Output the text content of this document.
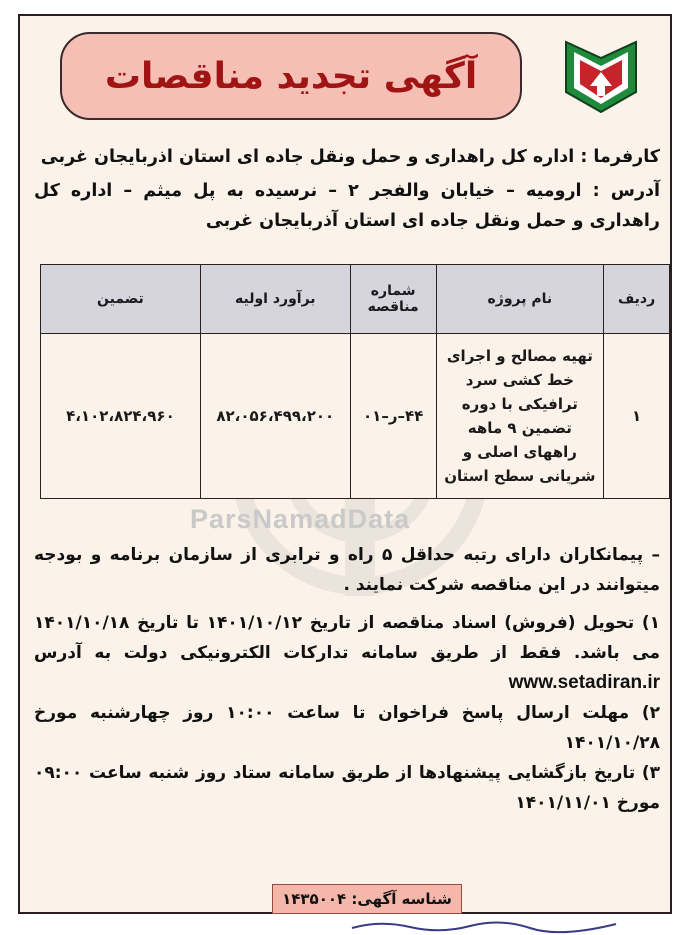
آگهی تجدید مناقصات
ParsNamadData
کارفرما : اداره کل راهداری و حمل ونقل جاده ای استان اذربایجان غربی
آدرس : ارومیه – خیابان والفجر ۲ – نرسیده به پل میثم – اداره کل راهداری و حمل ونقل جاده ای استان آذربایجان غربی
ردیف	نام پروژه	شماره مناقصه	برآورد اولیه	تضمین
۱	تهیه مصالح و اجرای خط کشی سرد ترافیکی با دوره تضمین ۹ ماهه راههای اصلی و شریانی سطح استان	۴۴–ر–۰۱	۸۲،۰۵۶،۴۹۹،۲۰۰	۴،۱۰۲،۸۲۴،۹۶۰
– پیمانکاران دارای رتبه حداقل ۵ راه و ترابری از سازمان برنامه و بودجه میتوانند در این مناقصه شرکت نمایند .
۱) تحویل (فروش) اسناد مناقصه از تاریخ ۱۴۰۱/۱۰/۱۲ تا تاریخ ۱۴۰۱/۱۰/۱۸ می باشد. فقط از طریق سامانه تدارکات الکترونیکی دولت به آدرس www.setadiran.ir
۲) مهلت ارسال پاسخ فراخوان تا ساعت ۱۰:۰۰ روز چهارشنبه مورخ ۱۴۰۱/۱۰/۲۸
۳) تاریخ بازگشایی پیشنهادها از طریق سامانه ستاد روز شنبه ساعت ۰۹:۰۰ مورخ ۱۴۰۱/۱۱/۰۱
شناسه آگهی: ۱۴۳۵۰۰۴
